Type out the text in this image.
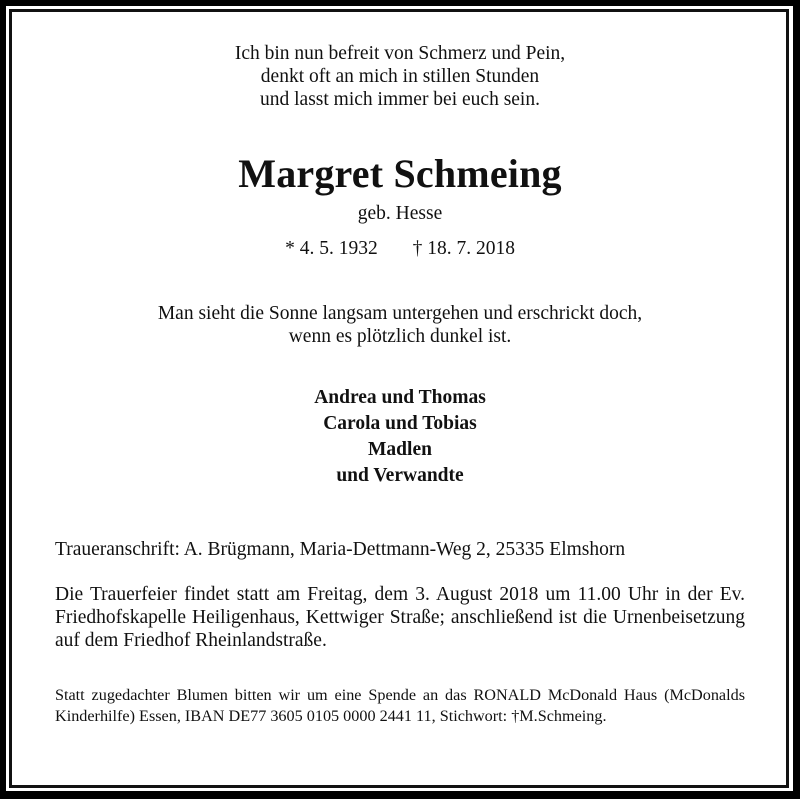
Ich bin nun befreit von Schmerz und Pein,
denkt oft an mich in stillen Stunden
und lasst mich immer bei euch sein.
Margret Schmeing
geb. Hesse
* 4. 5. 1932 † 18. 7. 2018
Man sieht die Sonne langsam untergehen und erschrickt doch,
wenn es plötzlich dunkel ist.
Andrea und Thomas
Carola und Tobias
Madlen
und Verwandte
Traueranschrift: A. Brügmann, Maria-Dettmann-Weg 2, 25335 Elmshorn
Die Trauerfeier findet statt am Freitag, dem 3. August 2018 um 11.00 Uhr in der Ev. Friedhofskapelle Heiligenhaus, Kettwiger Straße; anschließend ist die Urnenbeisetzung auf dem Friedhof Rheinlandstraße.
Statt zugedachter Blumen bitten wir um eine Spende an das RONALD McDonald Haus (McDonalds Kinderhilfe) Essen, IBAN DE77 3605 0105 0000 2441 11, Stichwort: †M.Schmeing.
